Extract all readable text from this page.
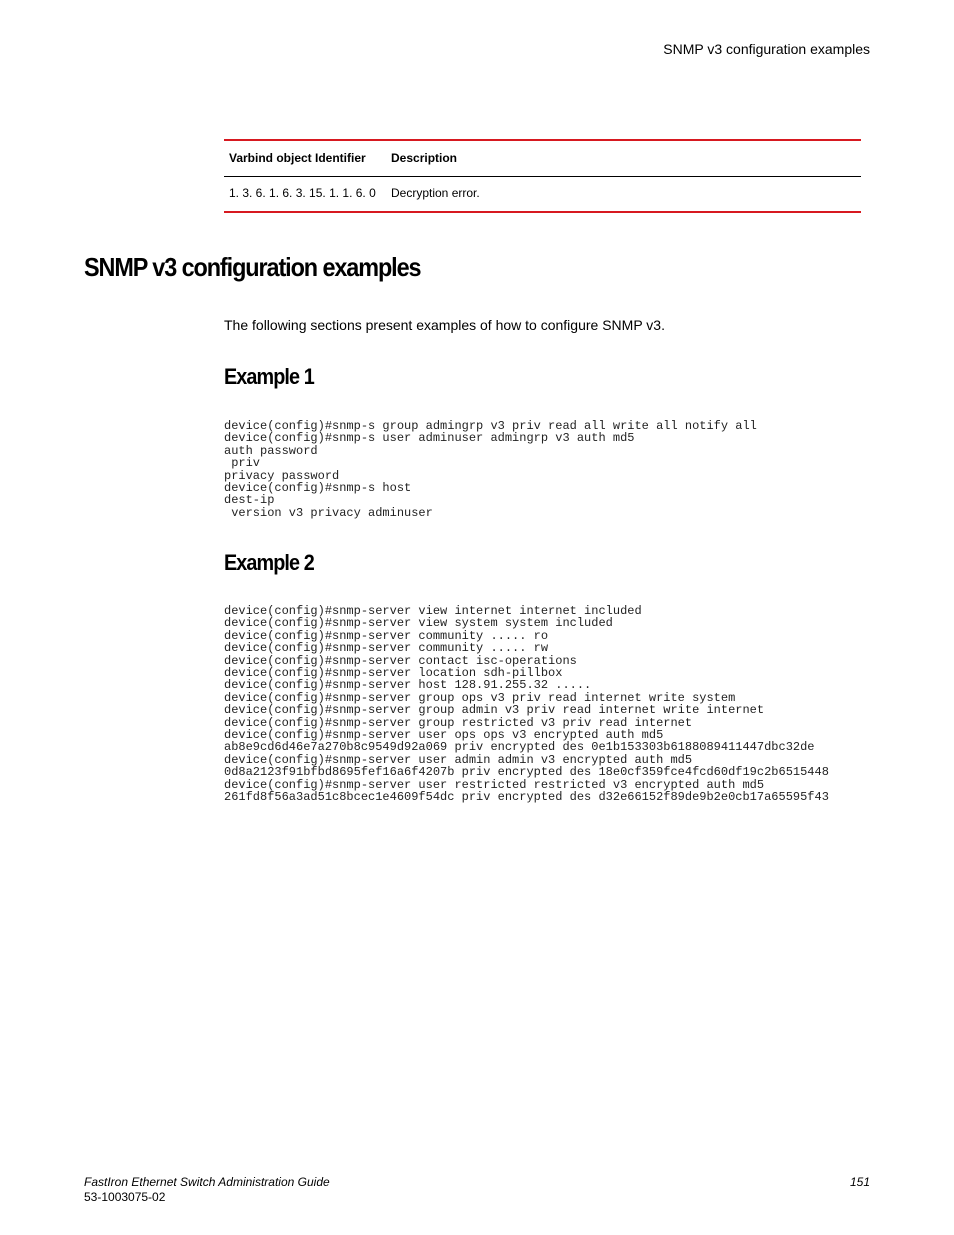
SNMP v3 configuration examples
Varbind object Identifier	Description
1. 3. 6. 1. 6. 3. 15. 1. 1. 6. 0	Decryption error.
SNMP v3 configuration examples

The following sections present examples of how to configure SNMP v3.

Example 1
device(config)#snmp-s group admingrp v3 priv read all write all notify all
device(config)#snmp-s user adminuser admingrp v3 auth md5
auth password
priv
privacy password
device(config)#snmp-s host
dest-ip
version v3 privacy adminuser
Example 2
device(config)#snmp-server view internet internet included
device(config)#snmp-server view system system included
device(config)#snmp-server community ..... ro
device(config)#snmp-server community ..... rw
device(config)#snmp-server contact isc-operations
device(config)#snmp-server location sdh-pillbox
device(config)#snmp-server host 128.91.255.32 .....
device(config)#snmp-server group ops v3 priv read internet write system
device(config)#snmp-server group admin v3 priv read internet write internet
device(config)#snmp-server group restricted v3 priv read internet
device(config)#snmp-server user ops ops v3 encrypted auth md5
ab8e9cd6d46e7a270b8c9549d92a069 priv encrypted des 0e1b153303b6188089411447dbc32de
device(config)#snmp-server user admin admin v3 encrypted auth md5
0d8a2123f91bfbd8695fef16a6f4207b priv encrypted des 18e0cf359fce4fcd60df19c2b6515448
device(config)#snmp-server user restricted restricted v3 encrypted auth md5
261fd8f56a3ad51c8bcec1e4609f54dc priv encrypted des d32e66152f89de9b2e0cb17a65595f43
FastIron Ethernet Switch Administration Guide
53-1003075-02
151
